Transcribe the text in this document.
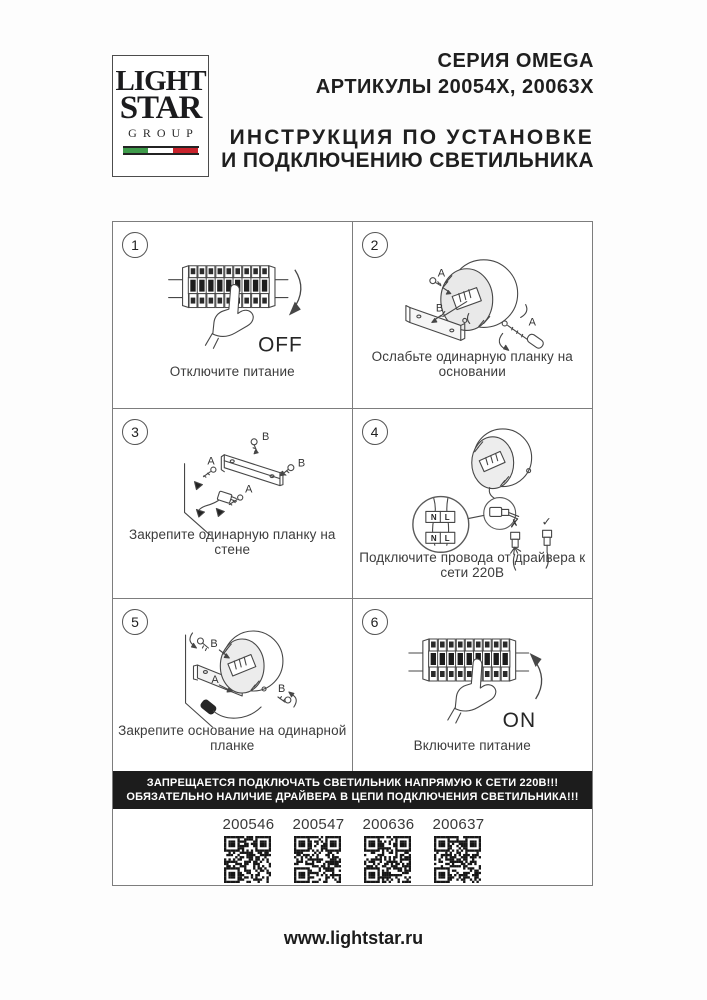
LIGHT
STAR
GROUP
СЕРИЯ OMEGA
АРТИКУЛЫ 20054X, 20063X
ИНСТРУКЦИЯ ПО УСТАНОВКЕ
И ПОДКЛЮЧЕНИЮ СВЕТИЛЬНИКА
1
OFF
Отключите питание
2
A
B
A
Ослабьте одинарную планку на основании
3
A
B
B
A
Закрепите одинарную планку на стене
4
N L
N L
✗ ✓
Подключите провода от драйвера к сети 220В
5
B
A
B
Закрепите основание на одинарной планке
6
ON
Включите питание
ЗАПРЕЩАЕТСЯ ПОДКЛЮЧАТЬ СВЕТИЛЬНИК НАПРЯМУЮ К СЕТИ 220В!!!
ОБЯЗАТЕЛЬНО НАЛИЧИЕ ДРАЙВЕРА В ЦЕПИ ПОДКЛЮЧЕНИЯ СВЕТИЛЬНИКА!!!
200546 200547 200636 200637
www.lightstar.ru
